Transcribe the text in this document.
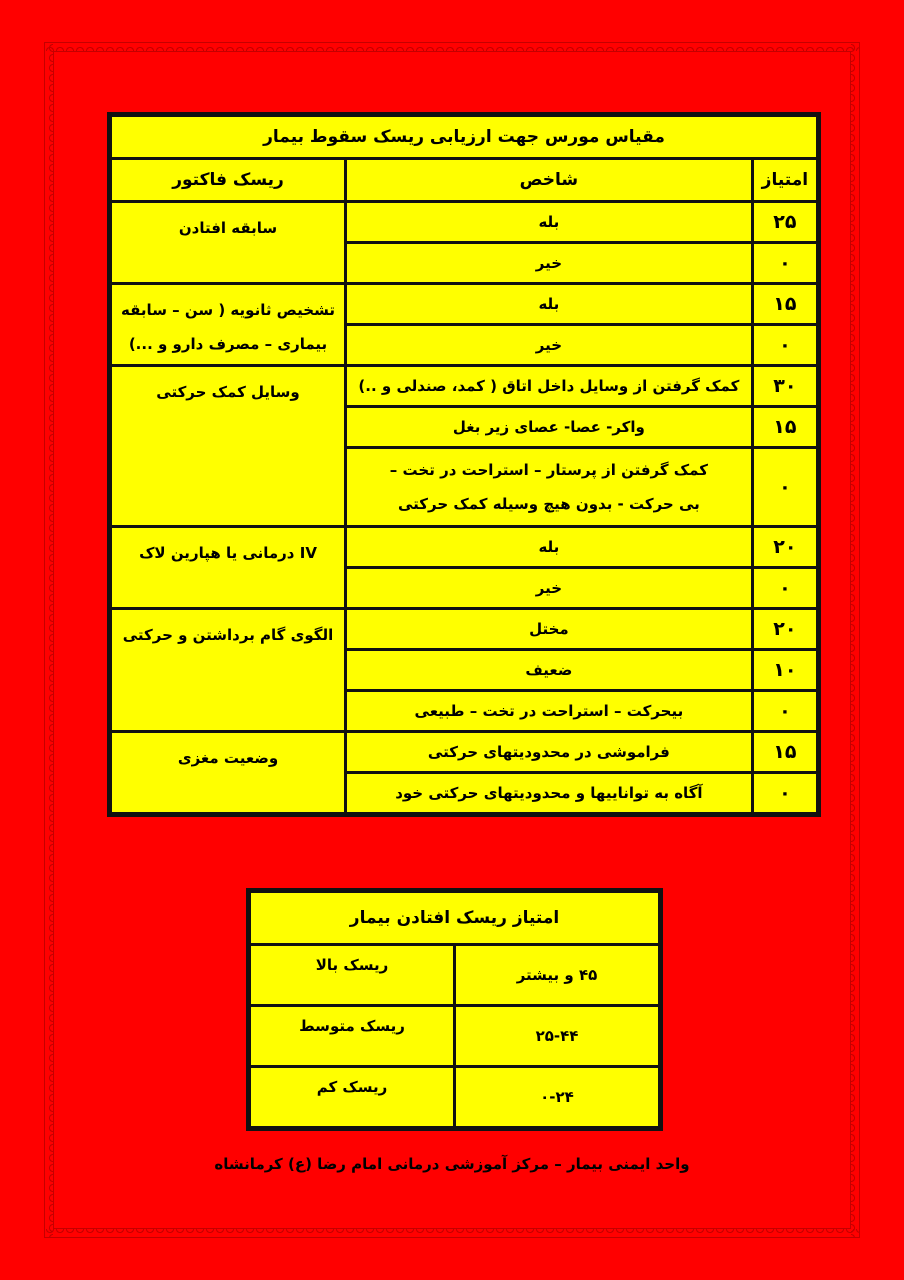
مقیاس مورس جهت ارزیابی ریسک سقوط بیمار		
امتیاز	شاخص	ریسک فاکتور
۲۵	بله	سابقه افتادن
۰	خیر	
۱۵	بله	تشخیص ثانویه ( سن – سابقه بیماری – مصرف دارو و ...)
۰	خیر	
۳۰	کمک گرفتن از وسایل داخل اتاق ( کمد، صندلی و ..)	وسایل کمک حرکتی
۱۵	واکر- عصا- عصای زیر بغل	
۰	کمک گرفتن از پرستار – استراحت در تخت –
بی حرکت - بدون هیچ وسیله کمک حرکتی	

۲۰	بله	IV درمانی یا هپارین لاک
۰	خیر	
۲۰	مختل	الگوی گام برداشتن و حرکتی
۱۰	ضعیف	
۰	بیحرکت – استراحت در تخت – طبیعی	
۱۵	فراموشی در محدودیتهای حرکتی	وضعیت مغزی
۰	آگاه به تواناییها و محدودیتهای حرکتی خود	
امتیاز ریسک افتادن بیمار	
۴۵ و بیشتر	ریسک بالا
۲۵-۴۴	ریسک متوسط
۰-۲۴	ریسک کم
واحد ایمنی بیمار – مرکز آموزشی درمانی امام رضا (ع) کرمانشاه
